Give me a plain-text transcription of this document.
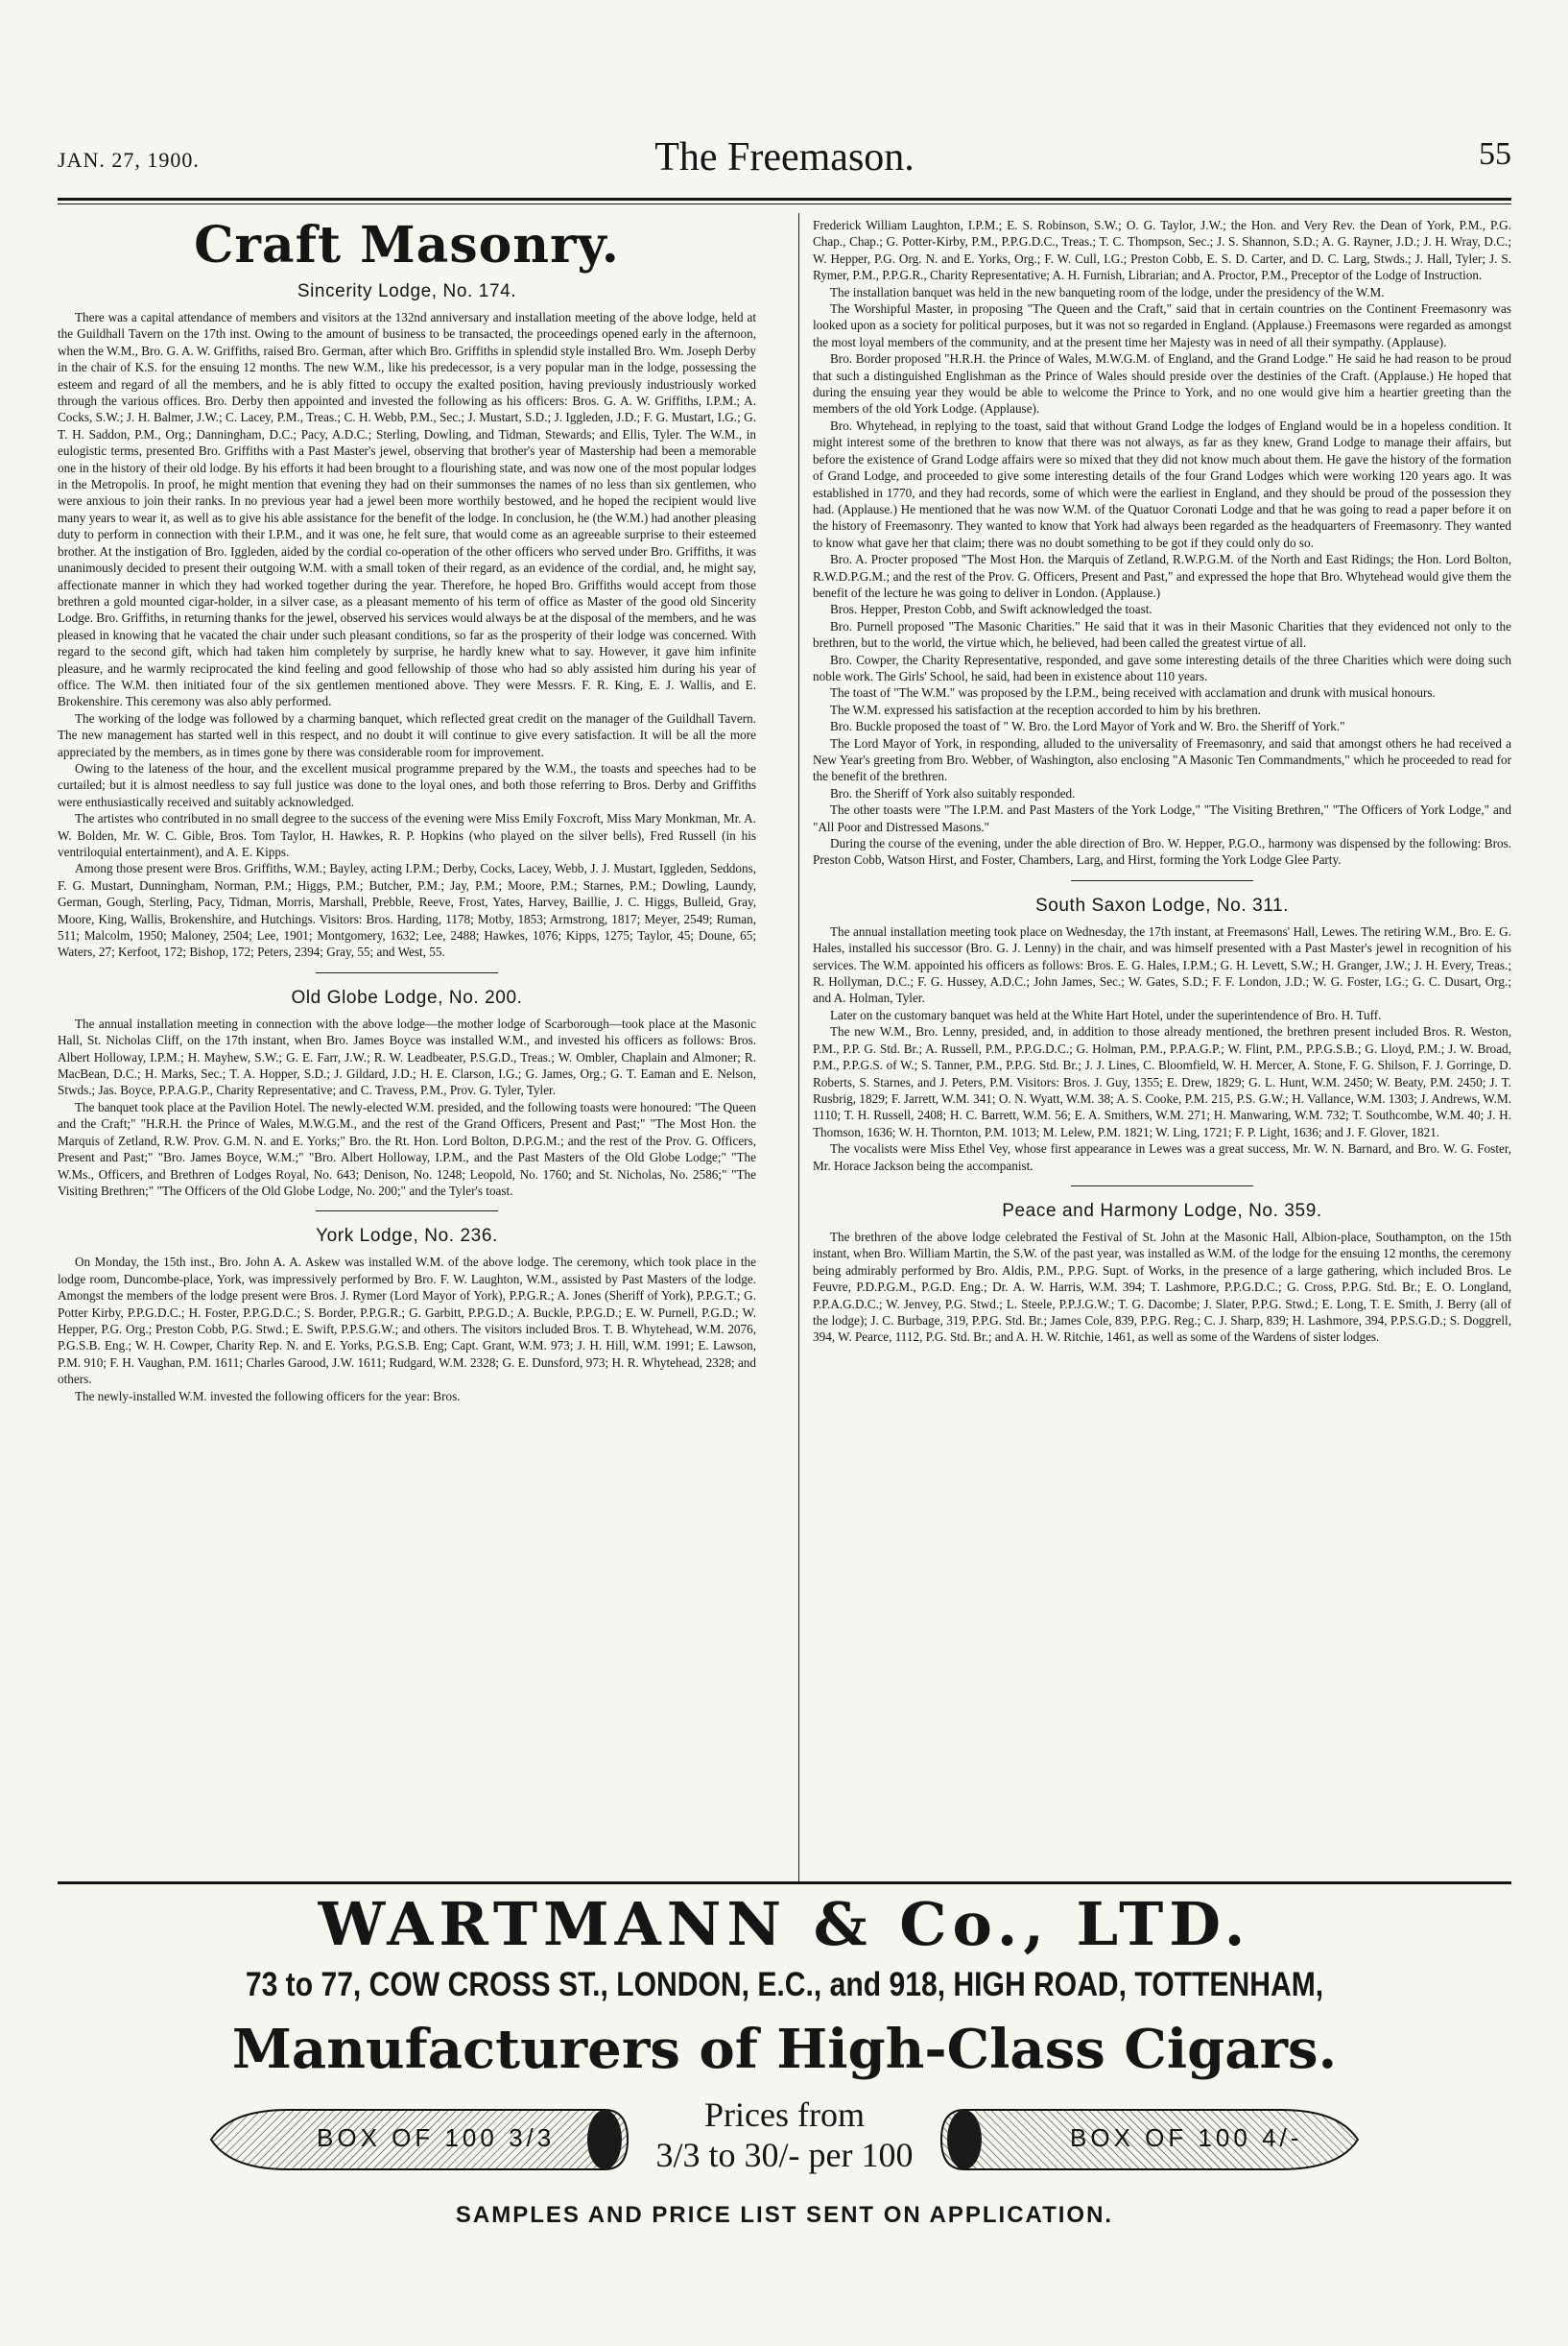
JAN. 27, 1900.	The Freemason.	55
Craft Masonry.
Sincerity Lodge, No. 174.

There was a capital attendance of members and visitors at the 132nd anniversary and installation meeting of the above lodge, held at the Guildhall Tavern on the 17th inst. Owing to the amount of business to be transacted, the proceedings opened early in the afternoon, when the W.M., Bro. G. A. W. Griffiths, raised Bro. German, after which Bro. Griffiths in splendid style installed Bro. Wm. Joseph Derby in the chair of K.S. for the ensuing 12 months. The new W.M., like his predecessor, is a very popular man in the lodge, possessing the esteem and regard of all the members, and he is ably fitted to occupy the exalted position, having previously industriously worked through the various offices. Bro. Derby then appointed and invested the following as his officers: Bros. G. A. W. Griffiths, I.P.M.; A. Cocks, S.W.; J. H. Balmer, J.W.; C. Lacey, P.M., Treas.; C. H. Webb, P.M., Sec.; J. Mustart, S.D.; J. Iggleden, J.D.; F. G. Mustart, I.G.; G. T. H. Saddon, P.M., Org.; Danningham, D.C.; Pacy, A.D.C.; Sterling, Dowling, and Tidman, Stewards; and Ellis, Tyler. The W.M., in eulogistic terms, presented Bro. Griffiths with a Past Master's jewel, observing that brother's year of Mastership had been a memorable one in the history of their old lodge. By his efforts it had been brought to a flourishing state, and was now one of the most popular lodges in the Metropolis. In proof, he might mention that evening they had on their summonses the names of no less than six gentlemen, who were anxious to join their ranks. In no previous year had a jewel been more worthily bestowed, and he hoped the recipient would live many years to wear it, as well as to give his able assistance for the benefit of the lodge. In conclusion, he (the W.M.) had another pleasing duty to perform in connection with their I.P.M., and it was one, he felt sure, that would come as an agreeable surprise to their esteemed brother. At the instigation of Bro. Iggleden, aided by the cordial co-operation of the other officers who served under Bro. Griffiths, it was unanimously decided to present their outgoing W.M. with a small token of their regard, as an evidence of the cordial, and, he might say, affectionate manner in which they had worked together during the year. Therefore, he hoped Bro. Griffiths would accept from those brethren a gold mounted cigar-holder, in a silver case, as a pleasant memento of his term of office as Master of the good old Sincerity Lodge. Bro. Griffiths, in returning thanks for the jewel, observed his services would always be at the disposal of the members, and he was pleased in knowing that he vacated the chair under such pleasant conditions, so far as the prosperity of their lodge was concerned. With regard to the second gift, which had taken him completely by surprise, he hardly knew what to say. However, it gave him infinite pleasure, and he warmly reciprocated the kind feeling and good fellowship of those who had so ably assisted him during his year of office. The W.M. then initiated four of the six gentlemen mentioned above. They were Messrs. F. R. King, E. J. Wallis, and E. Brokenshire. This ceremony was also ably performed.

The working of the lodge was followed by a charming banquet, which reflected great credit on the manager of the Guildhall Tavern. The new management has started well in this respect, and no doubt it will continue to give every satisfaction. It will be all the more appreciated by the members, as in times gone by there was considerable room for improvement.

Owing to the lateness of the hour, and the excellent musical programme prepared by the W.M., the toasts and speeches had to be curtailed; but it is almost needless to say full justice was done to the loyal ones, and both those referring to Bros. Derby and Griffiths were enthusiastically received and suitably acknowledged.

The artistes who contributed in no small degree to the success of the evening were Miss Emily Foxcroft, Miss Mary Monkman, Mr. A. W. Bolden, Mr. W. C. Gible, Bros. Tom Taylor, H. Hawkes, R. P. Hopkins (who played on the silver bells), Fred Russell (in his ventriloquial entertainment), and A. E. Kipps.

Among those present were Bros. Griffiths, W.M.; Bayley, acting I.P.M.; Derby, Cocks, Lacey, Webb, J. J. Mustart, Iggleden, Seddons, F. G. Mustart, Dunningham, Norman, P.M.; Higgs, P.M.; Butcher, P.M.; Jay, P.M.; Moore, P.M.; Starnes, P.M.; Dowling, Laundy, German, Gough, Sterling, Pacy, Tidman, Morris, Marshall, Prebble, Reeve, Frost, Yates, Harvey, Baillie, J. C. Higgs, Bulleid, Gray, Moore, King, Wallis, Brokenshire, and Hutchings. Visitors: Bros. Harding, 1178; Motby, 1853; Armstrong, 1817; Meyer, 2549; Ruman, 511; Malcolm, 1950; Maloney, 2504; Lee, 1901; Montgomery, 1632; Lee, 2488; Hawkes, 1076; Kipps, 1275; Taylor, 45; Doune, 65; Waters, 27; Kerfoot, 172; Bishop, 172; Peters, 2394; Gray, 55; and West, 55.

Old Globe Lodge, No. 200.

The annual installation meeting in connection with the above lodge—the mother lodge of Scarborough—took place at the Masonic Hall, St. Nicholas Cliff, on the 17th instant, when Bro. James Boyce was installed W.M., and invested his officers as follows: Bros. Albert Holloway, I.P.M.; H. Mayhew, S.W.; G. E. Farr, J.W.; R. W. Leadbeater, P.S.G.D., Treas.; W. Ombler, Chaplain and Almoner; R. MacBean, D.C.; H. Marks, Sec.; T. A. Hopper, S.D.; J. Gildard, J.D.; H. E. Clarson, I.G.; G. James, Org.; G. T. Eaman and E. Nelson, Stwds.; Jas. Boyce, P.P.A.G.P., Charity Representative; and C. Travess, P.M., Prov. G. Tyler, Tyler.

The banquet took place at the Pavilion Hotel. The newly-elected W.M. presided, and the following toasts were honoured: "The Queen and the Craft;" "H.R.H. the Prince of Wales, M.W.G.M., and the rest of the Grand Officers, Present and Past;" "The Most Hon. the Marquis of Zetland, R.W. Prov. G.M. N. and E. Yorks;" Bro. the Rt. Hon. Lord Bolton, D.P.G.M.; and the rest of the Prov. G. Officers, Present and Past;" "Bro. James Boyce, W.M.;" "Bro. Albert Holloway, I.P.M., and the Past Masters of the Old Globe Lodge;" "The W.Ms., Officers, and Brethren of Lodges Royal, No. 643; Denison, No. 1248; Leopold, No. 1760; and St. Nicholas, No. 2586;" "The Visiting Brethren;" "The Officers of the Old Globe Lodge, No. 200;" and the Tyler's toast.

York Lodge, No. 236.

On Monday, the 15th inst., Bro. John A. A. Askew was installed W.M. of the above lodge. The ceremony, which took place in the lodge room, Duncombe-place, York, was impressively performed by Bro. F. W. Laughton, W.M., assisted by Past Masters of the lodge. Amongst the members of the lodge present were Bros. J. Rymer (Lord Mayor of York), P.P.G.R.; A. Jones (Sheriff of York), P.P.G.T.; G. Potter Kirby, P.P.G.D.C.; H. Foster, P.P.G.D.C.; S. Border, P.P.G.R.; G. Garbitt, P.P.G.D.; A. Buckle, P.P.G.D.; E. W. Purnell, P.G.D.; W. Hepper, P.G. Org.; Preston Cobb, P.G. Stwd.; E. Swift, P.P.S.G.W.; and others. The visitors included Bros. T. B. Whytehead, W.M. 2076, P.G.S.B. Eng.; W. H. Cowper, Charity Rep. N. and E. Yorks, P.G.S.B. Eng; Capt. Grant, W.M. 973; J. H. Hill, W.M. 1991; E. Lawson, P.M. 910; F. H. Vaughan, P.M. 1611; Charles Garood, J.W. 1611; Rudgard, W.M. 2328; G. E. Dunsford, 973; H. R. Whytehead, 2328; and others.

The newly-installed W.M. invested the following officers for the year: Bros.

Frederick William Laughton, I.P.M.; E. S. Robinson, S.W.; O. G. Taylor, J.W.; the Hon. and Very Rev. the Dean of York, P.M., P.G. Chap., Chap.; G. Potter-Kirby, P.M., P.P.G.D.C., Treas.; T. C. Thompson, Sec.; J. S. Shannon, S.D.; A. G. Rayner, J.D.; J. H. Wray, D.C.; W. Hepper, P.G. Org. N. and E. Yorks, Org.; F. W. Cull, I.G.; Preston Cobb, E. S. D. Carter, and D. C. Larg, Stwds.; J. Hall, Tyler; J. S. Rymer, P.M., P.P.G.R., Charity Representative; A. H. Furnish, Librarian; and A. Proctor, P.M., Preceptor of the Lodge of Instruction.

The installation banquet was held in the new banqueting room of the lodge, under the presidency of the W.M.

The Worshipful Master, in proposing "The Queen and the Craft," said that in certain countries on the Continent Freemasonry was looked upon as a society for political purposes, but it was not so regarded in England. (Applause.) Freemasons were regarded as amongst the most loyal members of the community, and at the present time her Majesty was in need of all their sympathy. (Applause).

Bro. Border proposed "H.R.H. the Prince of Wales, M.W.G.M. of England, and the Grand Lodge." He said he had reason to be proud that such a distinguished Englishman as the Prince of Wales should preside over the destinies of the Craft. (Applause.) He hoped that during the ensuing year they would be able to welcome the Prince to York, and no one would give him a heartier greeting than the members of the old York Lodge. (Applause).

Bro. Whytehead, in replying to the toast, said that without Grand Lodge the lodges of England would be in a hopeless condition. It might interest some of the brethren to know that there was not always, as far as they knew, Grand Lodge to manage their affairs, but before the existence of Grand Lodge affairs were so mixed that they did not know much about them. He gave the history of the formation of Grand Lodge, and proceeded to give some interesting details of the four Grand Lodges which were working 120 years ago. It was established in 1770, and they had records, some of which were the earliest in England, and they should be proud of the possession they had. (Applause.) He mentioned that he was now W.M. of the Quatuor Coronati Lodge and that he was going to read a paper before it on the history of Freemasonry. They wanted to know that York had always been regarded as the headquarters of Freemasonry. They wanted to know what gave her that claim; there was no doubt something to be got if they could only do so.

Bro. A. Procter proposed "The Most Hon. the Marquis of Zetland, R.W.P.G.M. of the North and East Ridings; the Hon. Lord Bolton, R.W.D.P.G.M.; and the rest of the Prov. G. Officers, Present and Past," and expressed the hope that Bro. Whytehead would give them the benefit of the lecture he was going to deliver in London. (Applause.)

Bros. Hepper, Preston Cobb, and Swift acknowledged the toast.

Bro. Purnell proposed "The Masonic Charities." He said that it was in their Masonic Charities that they evidenced not only to the brethren, but to the world, the virtue which, he believed, had been called the greatest virtue of all.

Bro. Cowper, the Charity Representative, responded, and gave some interesting details of the three Charities which were doing such noble work. The Girls' School, he said, had been in existence about 110 years.

The toast of "The W.M." was proposed by the I.P.M., being received with acclamation and drunk with musical honours.

The W.M. expressed his satisfaction at the reception accorded to him by his brethren.

Bro. Buckle proposed the toast of " W. Bro. the Lord Mayor of York and W. Bro. the Sheriff of York."

The Lord Mayor of York, in responding, alluded to the universality of Freemasonry, and said that amongst others he had received a New Year's greeting from Bro. Webber, of Washington, also enclosing "A Masonic Ten Commandments," which he proceeded to read for the benefit of the brethren.

Bro. the Sheriff of York also suitably responded.

The other toasts were "The I.P.M. and Past Masters of the York Lodge," "The Visiting Brethren," "The Officers of York Lodge," and "All Poor and Distressed Masons."

During the course of the evening, under the able direction of Bro. W. Hepper, P.G.O., harmony was dispensed by the following: Bros. Preston Cobb, Watson Hirst, and Foster, Chambers, Larg, and Hirst, forming the York Lodge Glee Party.

South Saxon Lodge, No. 311.

The annual installation meeting took place on Wednesday, the 17th instant, at Freemasons' Hall, Lewes. The retiring W.M., Bro. E. G. Hales, installed his successor (Bro. G. J. Lenny) in the chair, and was himself presented with a Past Master's jewel in recognition of his services. The W.M. appointed his officers as follows: Bros. E. G. Hales, I.P.M.; G. H. Levett, S.W.; H. Granger, J.W.; J. H. Every, Treas.; R. Hollyman, D.C.; F. G. Hussey, A.D.C.; John James, Sec.; W. Gates, S.D.; F. F. London, J.D.; W. G. Foster, I.G.; G. C. Dusart, Org.; and A. Holman, Tyler.

Later on the customary banquet was held at the White Hart Hotel, under the superintendence of Bro. H. Tuff.

The new W.M., Bro. Lenny, presided, and, in addition to those already mentioned, the brethren present included Bros. R. Weston, P.M., P.P. G. Std. Br.; A. Russell, P.M., P.P.G.D.C.; G. Holman, P.M., P.P.A.G.P.; W. Flint, P.M., P.P.G.S.B.; G. Lloyd, P.M.; J. W. Broad, P.M., P.P.G.S. of W.; S. Tanner, P.M., P.P.G. Std. Br.; J. J. Lines, C. Bloomfield, W. H. Mercer, A. Stone, F. G. Shilson, F. J. Gorringe, D. Roberts, S. Starnes, and J. Peters, P.M. Visitors: Bros. J. Guy, 1355; E. Drew, 1829; G. L. Hunt, W.M. 2450; W. Beaty, P.M. 2450; J. T. Rusbrig, 1829; F. Jarrett, W.M. 341; O. N. Wyatt, W.M. 38; A. S. Cooke, P.M. 215, P.S. G.W.; H. Vallance, W.M. 1303; J. Andrews, W.M. 1110; T. H. Russell, 2408; H. C. Barrett, W.M. 56; E. A. Smithers, W.M. 271; H. Manwaring, W.M. 732; T. Southcombe, W.M. 40; J. H. Thomson, 1636; W. H. Thornton, P.M. 1013; M. Lelew, P.M. 1821; W. Ling, 1721; F. P. Light, 1636; and J. F. Glover, 1821.

The vocalists were Miss Ethel Vey, whose first appearance in Lewes was a great success, Mr. W. N. Barnard, and Bro. W. G. Foster, Mr. Horace Jackson being the accompanist.

Peace and Harmony Lodge, No. 359.

The brethren of the above lodge celebrated the Festival of St. John at the Masonic Hall, Albion-place, Southampton, on the 15th instant, when Bro. William Martin, the S.W. of the past year, was installed as W.M. of the lodge for the ensuing 12 months, the ceremony being admirably performed by Bro. Aldis, P.M., P.P.G. Supt. of Works, in the presence of a large gathering, which included Bros. Le Feuvre, P.D.P.G.M., P.G.D. Eng.; Dr. A. W. Harris, W.M. 394; T. Lashmore, P.P.G.D.C.; G. Cross, P.P.G. Std. Br.; E. O. Longland, P.P.A.G.D.C.; W. Jenvey, P.G. Stwd.; L. Steele, P.P.J.G.W.; T. G. Dacombe; J. Slater, P.P.G. Stwd.; E. Long, T. E. Smith, J. Berry (all of the lodge); J. C. Burbage, 319, P.P.G. Std. Br.; James Cole, 839, P.P.G. Reg.; C. J. Sharp, 839; H. Lashmore, 394, P.P.S.G.D.; S. Doggrell, 394, W. Pearce, 1112, P.G. Std. Br.; and A. H. W. Ritchie, 1461, as well as some of the Wardens of sister lodges.

WARTMANN & Co., LTD.
73 to 77, COW CROSS ST., LONDON, E.C., and 918, HIGH ROAD, TOTTENHAM,
Manufacturers of High-Class Cigars.
BOX OF 100 3/3
Prices from
3/3 to 30/- per 100	BOX OF 100 4/-
SAMPLES AND PRICE LIST SENT ON APPLICATION.
